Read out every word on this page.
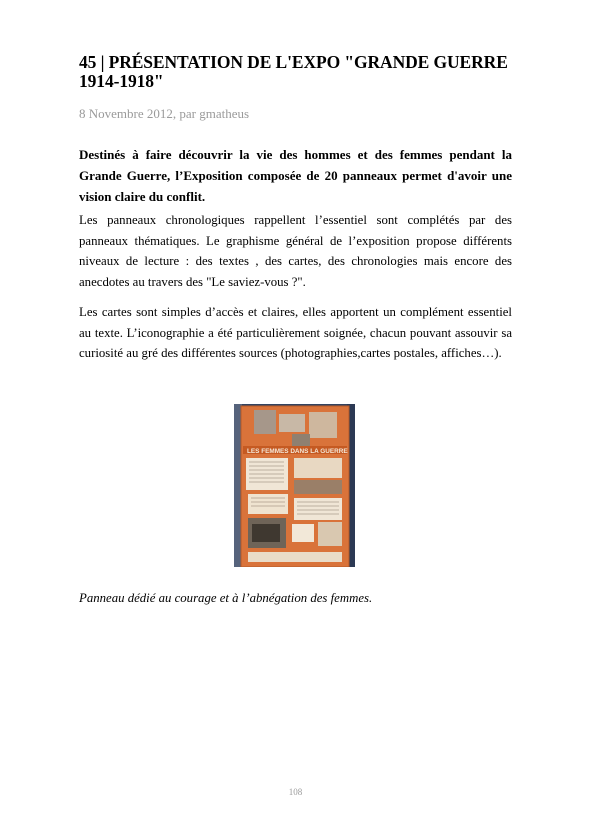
45 | PRÉSENTATION DE L'EXPO "GRANDE GUERRE 1914-1918"

8 Novembre 2012, par gmatheus

Destinés à faire découvrir la vie des hommes et des femmes pendant la Grande Guerre, l’Exposition composée de 20 panneaux permet d'avoir une vision claire du conflit.

Les panneaux chronologiques rappellent l’essentiel sont complétés par des panneaux thématiques. Le graphisme général de l’exposition propose différents niveaux de lecture : des textes , des cartes, des chronologies mais encore des anecdotes au travers des "Le saviez-vous ?".

Les cartes sont simples d’accès et claires, elles apportent un complément essentiel au texte. L’iconographie a été particulièrement soignée, chacun pouvant assouvir sa curiosité au gré des différentes sources (photographies,cartes postales, affiches…).

LES FEMMES DANS LA GUERRE

Panneau dédié au courage et à l’abnégation des femmes.

108
